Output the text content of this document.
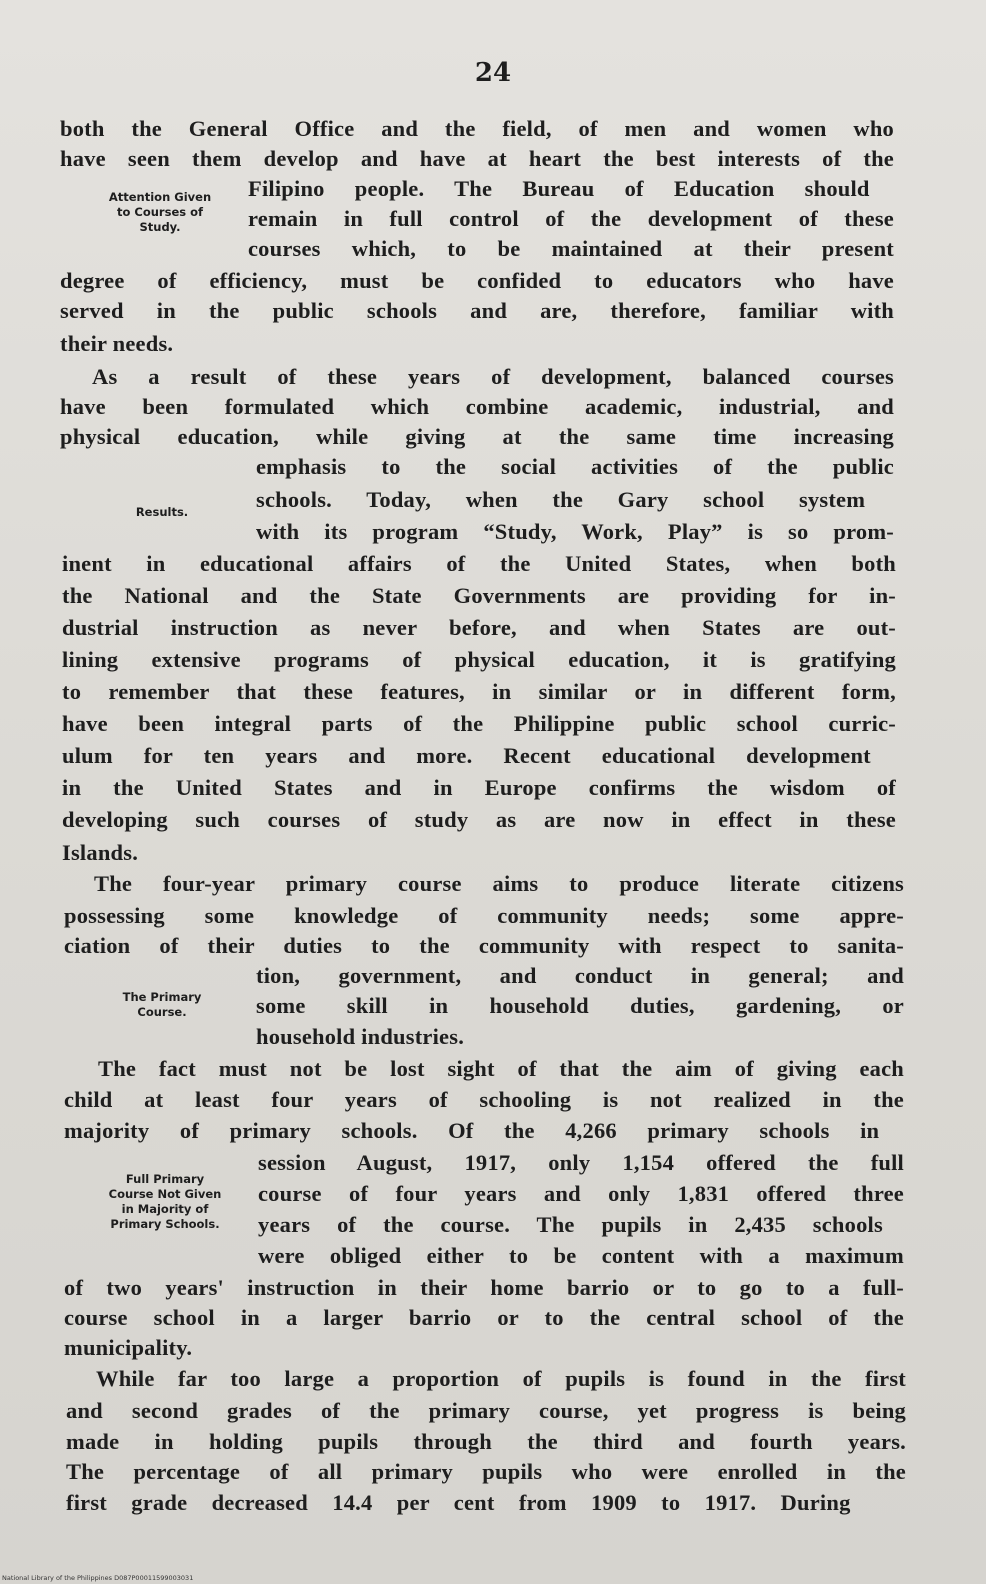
24
both the General Office and the field, of men and women who
have seen them develop and have at heart the best interests of the
Filipino people. The Bureau of Education should
remain in full control of the development of these
courses which, to be maintained at their present
degree of efficiency, must be confided to educators who have
served in the public schools and are, therefore, familiar with
their needs.
As a result of these years of development, balanced courses
have been formulated which combine academic, industrial, and
physical education, while giving at the same time increasing
emphasis to the social activities of the public
schools. Today, when the Gary school system
with its program “Study, Work, Play” is so prom-
inent in educational affairs of the United States, when both
the National and the State Governments are providing for in-
dustrial instruction as never before, and when States are out-
lining extensive programs of physical education, it is gratifying
to remember that these features, in similar or in different form,
have been integral parts of the Philippine public school curric-
ulum for ten years and more. Recent educational development
in the United States and in Europe confirms the wisdom of
developing such courses of study as are now in effect in these
Islands.
The four-year primary course aims to produce literate citizens
possessing some knowledge of community needs; some appre-
ciation of their duties to the community with respect to sanita-
tion, government, and conduct in general; and
some skill in household duties, gardening, or
household industries.
The fact must not be lost sight of that the aim of giving each
child at least four years of schooling is not realized in the
majority of primary schools. Of the 4,266 primary schools in
session August, 1917, only 1,154 offered the full
course of four years and only 1,831 offered three
years of the course. The pupils in 2,435 schools
were obliged either to be content with a maximum
of two years' instruction in their home barrio or to go to a full-
course school in a larger barrio or to the central school of the
municipality.
While far too large a proportion of pupils is found in the first
and second grades of the primary course, yet progress is being
made in holding pupils through the third and fourth years.
The percentage of all primary pupils who were enrolled in the
first grade decreased 14.4 per cent from 1909 to 1917. During
Attention Given
to Courses of
Study.
Results.
The Primary
Course.
Full Primary
Course Not Given
in Majority of
Primary Schools.
National Library of the Philippines D087P00011599003031
